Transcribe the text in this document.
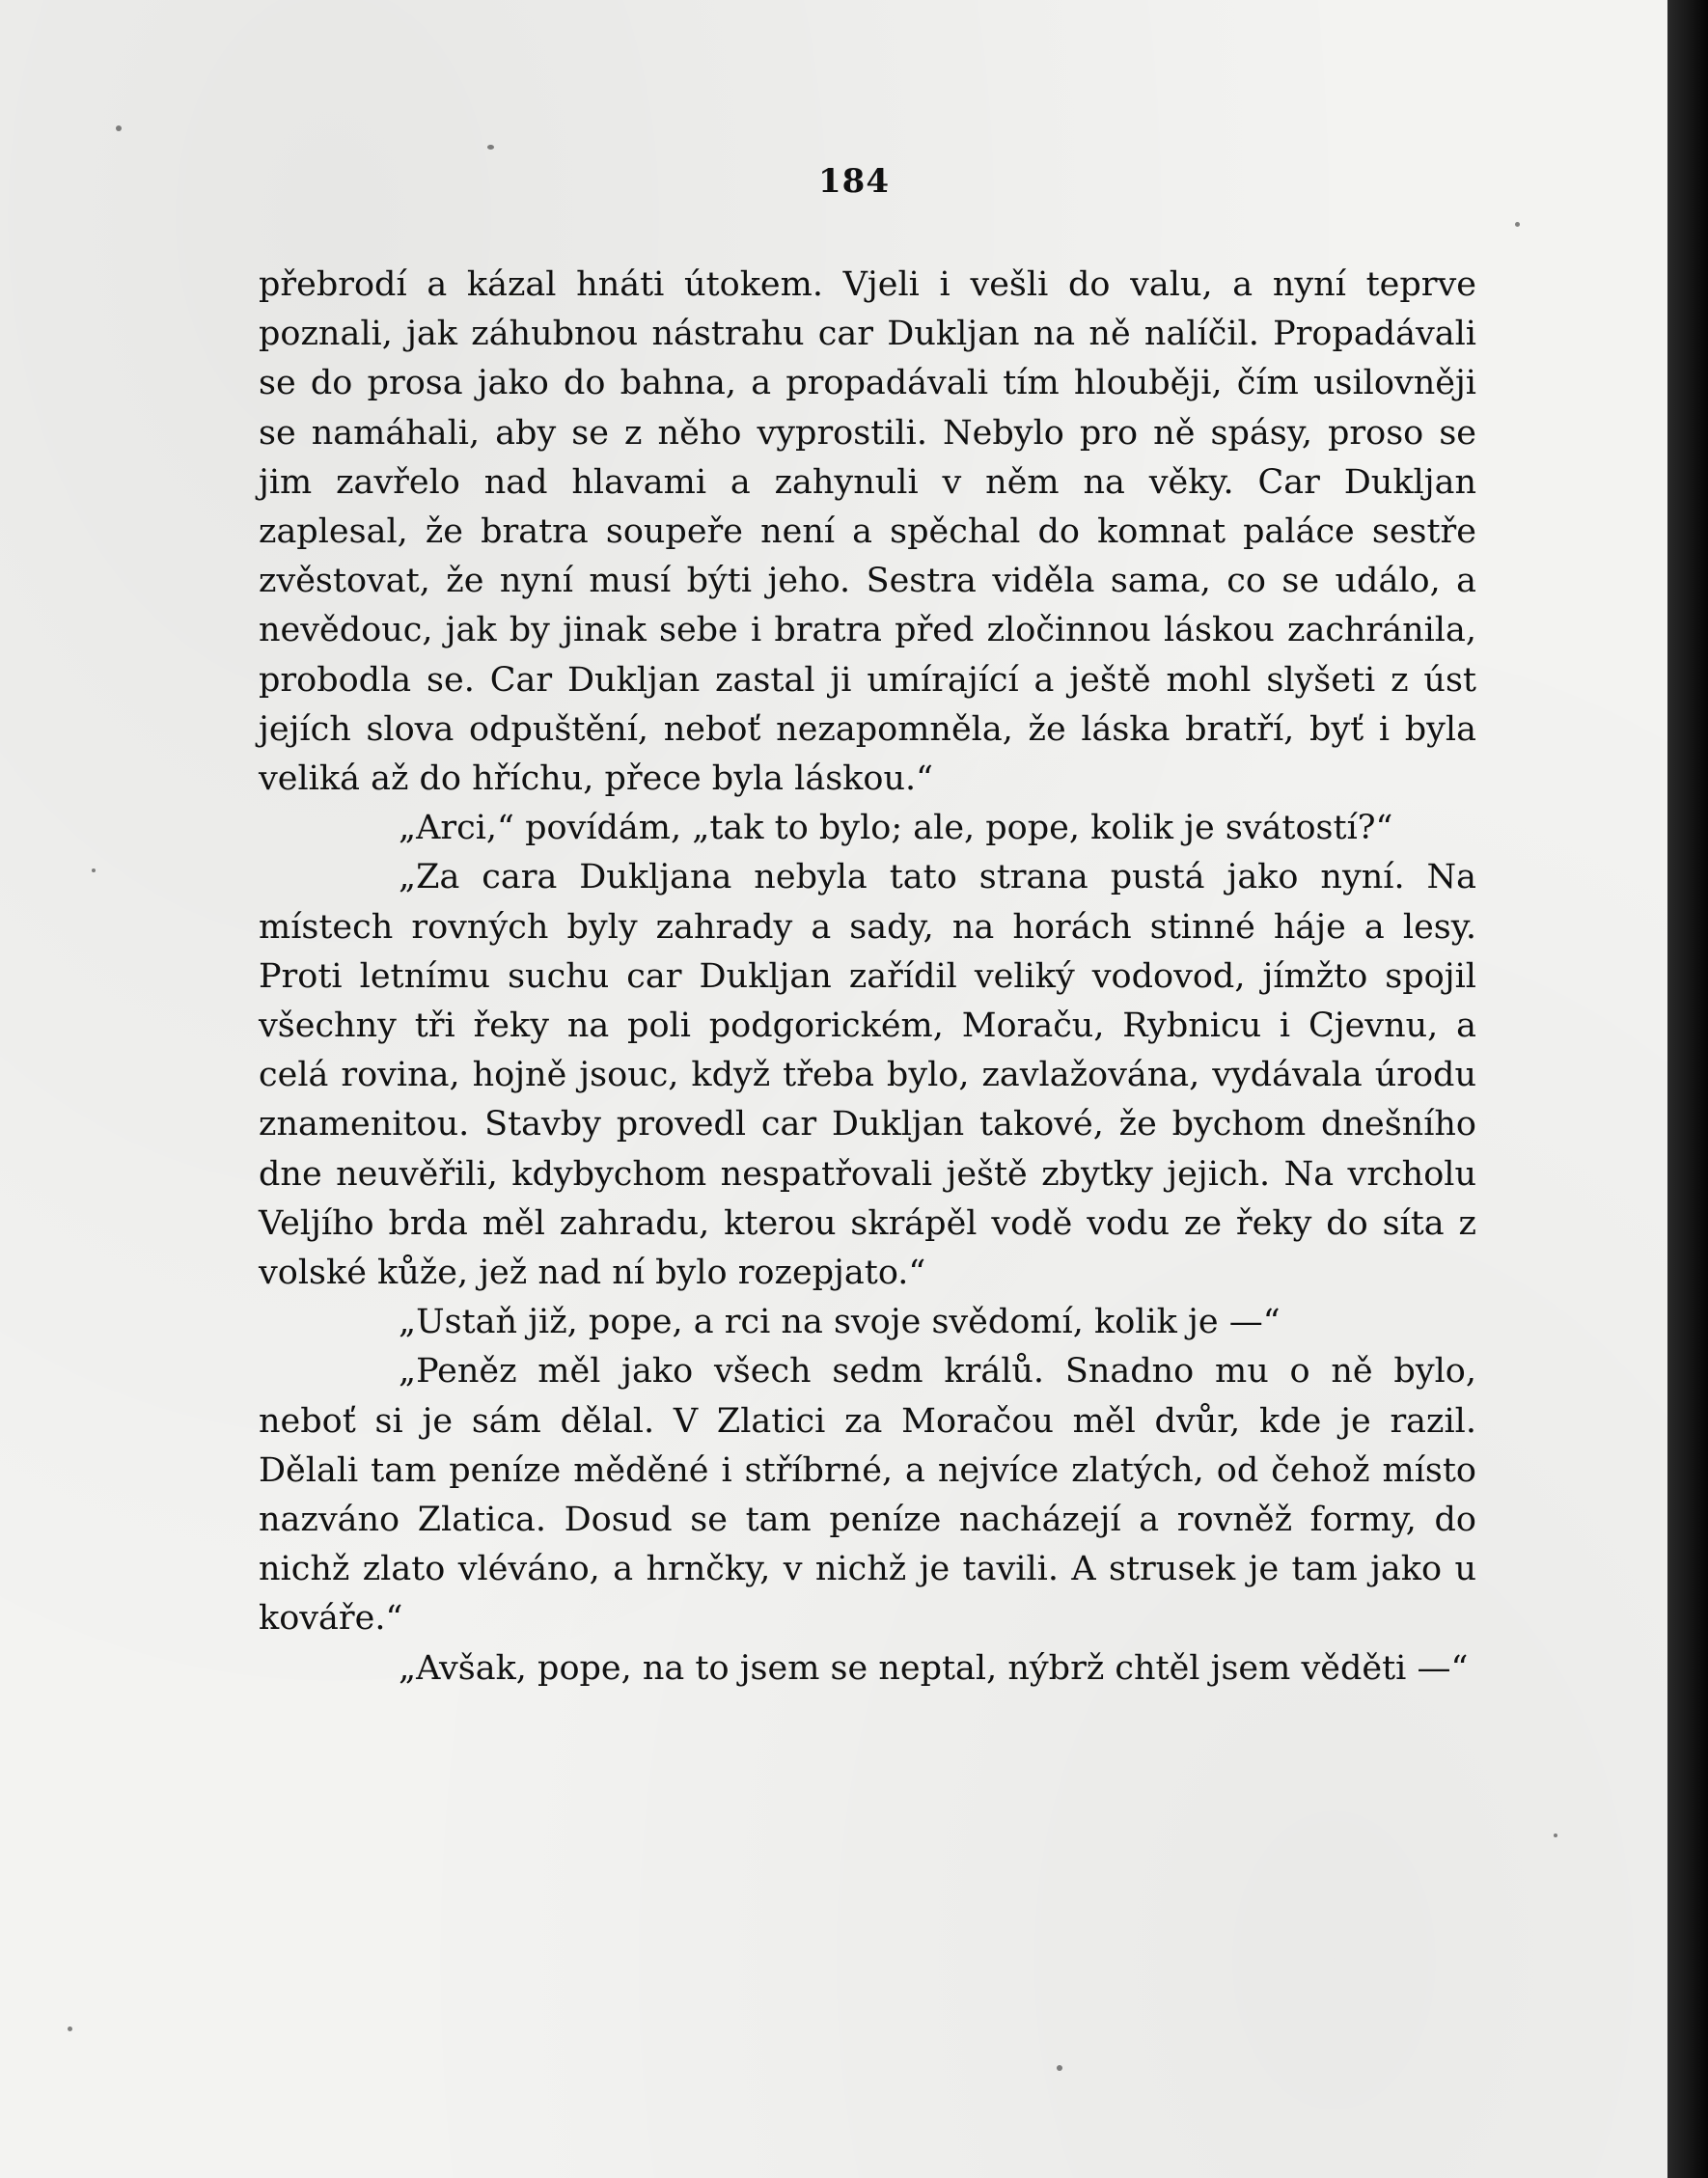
184

přebrodí a kázal hnáti útokem. Vjeli i vešli do valu, a nyní teprve poznali, jak záhubnou nástrahu car Dukljan na ně nalíčil. Propadávali se do prosa jako do bahna, a propadávali tím hlouběji, čím usilovněji se namáhali, aby se z něho vyprostili. Nebylo pro ně spásy, proso se jim zavřelo nad hlavami a zahynuli v něm na věky. Car Dukljan zaplesal, že bratra soupeře není a spěchal do komnat paláce sestře zvěstovat, že nyní musí býti jeho. Sestra viděla sama, co se událo, a nevědouc, jak by jinak sebe i bratra před zločinnou láskou zachránila, probodla se. Car Dukljan zastal ji umírající a ještě mohl slyšeti z úst jejích slova odpuštění, neboť nezapomněla, že láska bratří, byť i byla veliká až do hříchu, přece byla láskou.“

„Arci,“ povídám, „tak to bylo; ale, pope, kolik je svátostí?“

„Za cara Dukljana nebyla tato strana pustá jako nyní. Na místech rovných byly zahrady a sady, na horách stinné háje a lesy. Proti letnímu suchu car Dukljan zařídil veliký vodovod, jímžto spojil všechny tři řeky na poli podgorickém, Moraču, Rybnicu i Cjevnu, a celá rovina, hojně jsouc, když třeba bylo, zavlažována, vydávala úrodu znamenitou. Stavby provedl car Dukljan takové, že bychom dnešního dne neuvěřili, kdybychom nespatřovali ještě zbytky jejich. Na vrcholu Veljího brda měl zahradu, kterou skrápěl vodě vodu ze řeky do síta z volské kůže, jež nad ní bylo rozepjato.“

„Ustaň již, pope, a rci na svoje svědomí, kolik je —“

„Peněz měl jako všech sedm králů. Snadno mu o ně bylo, neboť si je sám dělal. V Zlatici za Moračou měl dvůr, kde je razil. Dělali tam peníze měděné i stříbrné, a nejvíce zlatých, od čehož místo nazváno Zlatica. Dosud se tam peníze nacházejí a rovněž formy, do nichž zlato vléváno, a hrnčky, v nichž je tavili. A strusek je tam jako u kováře.“

„Avšak, pope, na to jsem se neptal, nýbrž chtěl jsem věděti —“
